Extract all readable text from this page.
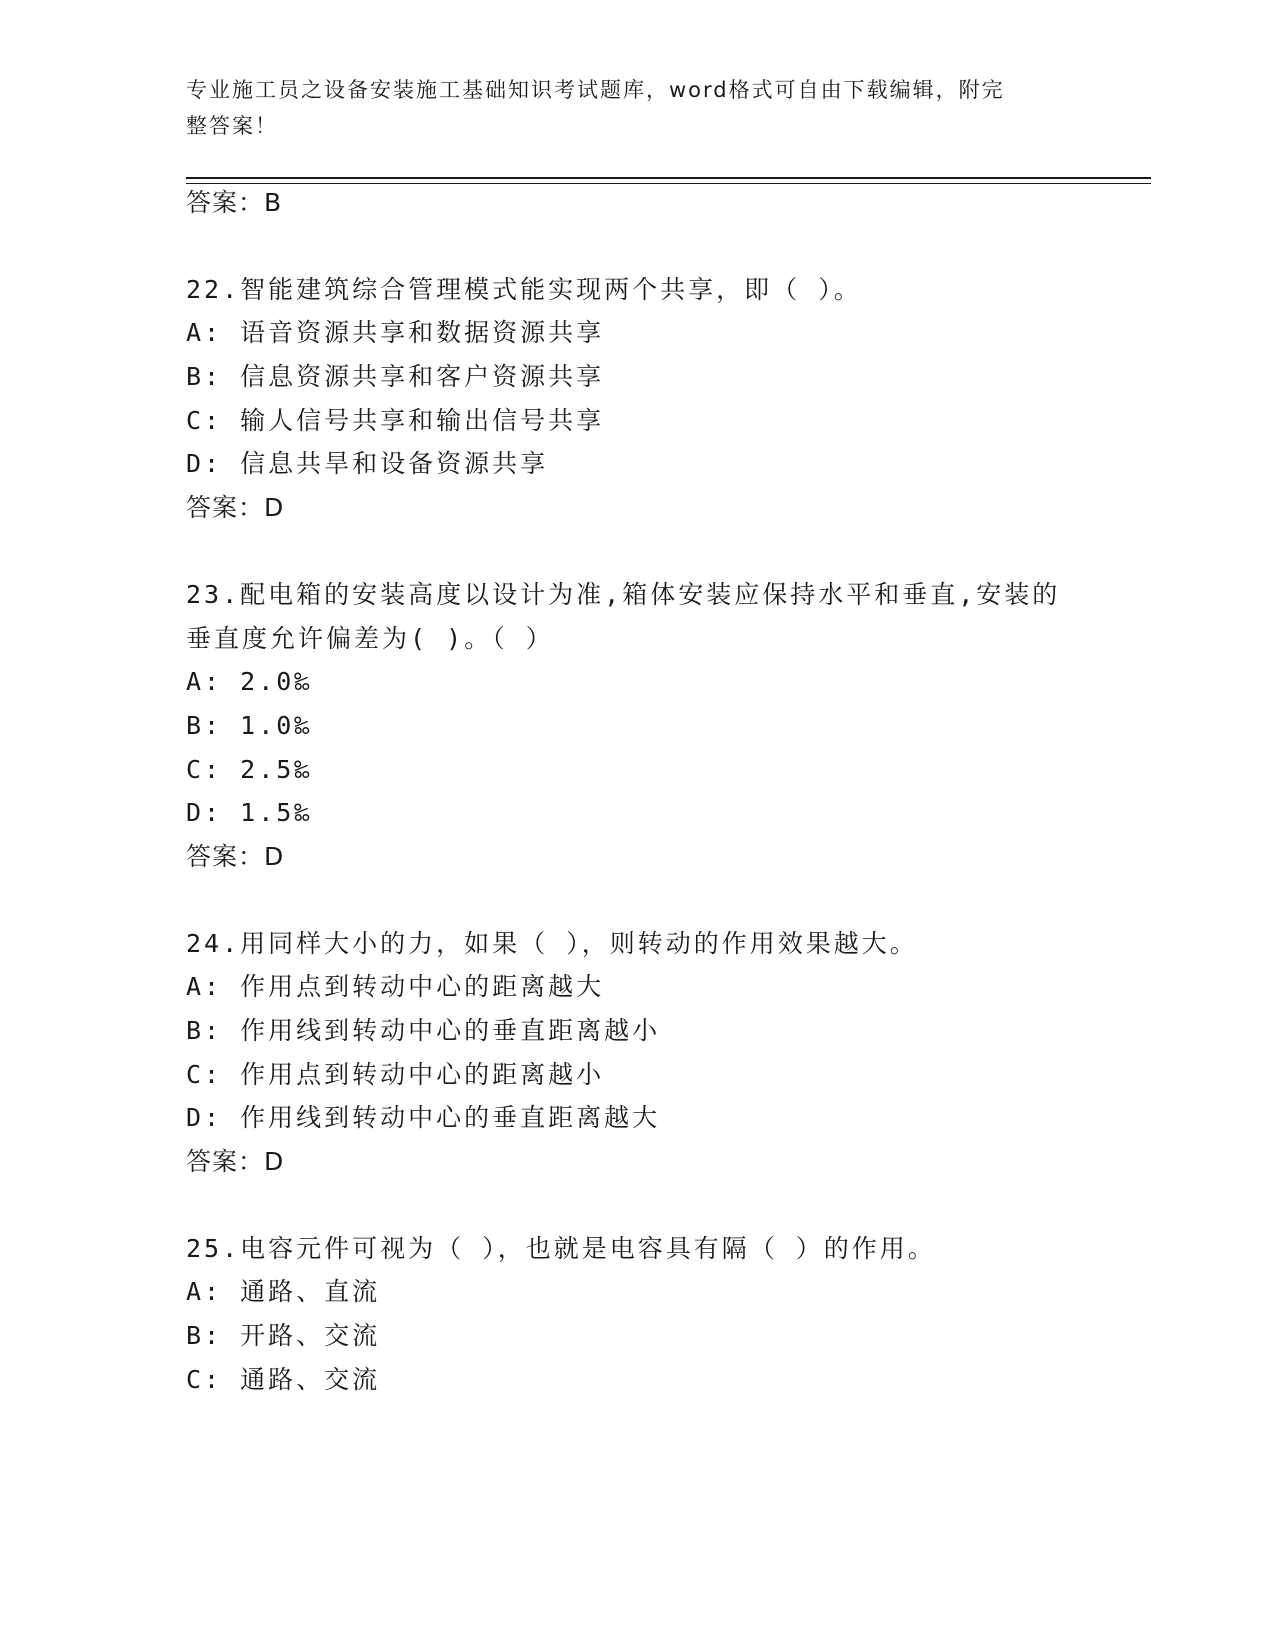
专业施工员之设备安装施工基础知识考试题库，word格式可自由下载编辑，附完
整答案！
答案：B
22.智能建筑综合管理模式能实现两个共享，即（ ）。
A: 语音资源共享和数据资源共享
B: 信息资源共享和客户资源共享
C: 输人信号共享和输出信号共享
D: 信息共旱和设备资源共享
答案：D
23.配电箱的安装高度以设计为准,箱体安装应保持水平和垂直,安装的
垂直度允许偏差为( )。（ ）
A: 2.0‰
B: 1.0‰
C: 2.5‰
D: 1.5‰
答案：D
24.用同样大小的力，如果（ ），则转动的作用效果越大。
A: 作用点到转动中心的距离越大
B: 作用线到转动中心的垂直距离越小
C: 作用点到转动中心的距离越小
D: 作用线到转动中心的垂直距离越大
答案：D
25.电容元件可视为（ ），也就是电容具有隔（ ）的作用。
A: 通路、直流
B: 开路、交流
C: 通路、交流
